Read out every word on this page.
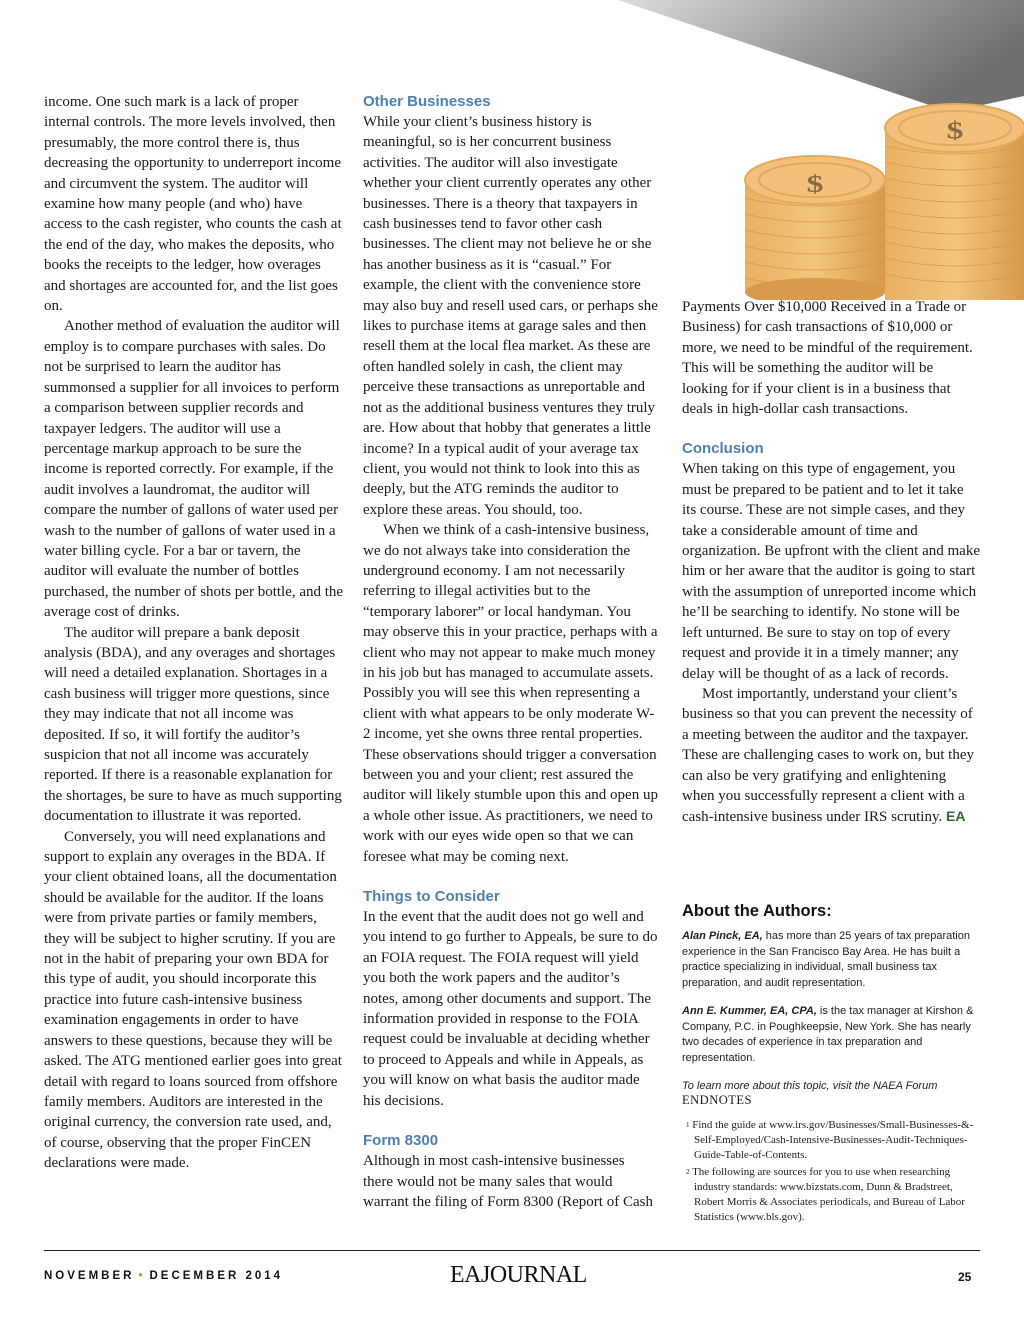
$
$

income. One such mark is a lack of proper internal controls. The more levels involved, then presumably, the more control there is, thus decreasing the opportunity to underreport income and circumvent the system. The auditor will examine how many people (and who) have access to the cash register, who counts the cash at the end of the day, who makes the deposits, who books the receipts to the ledger, how overages and shortages are accounted for, and the list goes on.

Another method of evaluation the auditor will employ is to compare purchases with sales. Do not be surprised to learn the auditor has summonsed a supplier for all invoices to perform a comparison between supplier records and taxpayer ledgers. The auditor will use a percentage markup approach to be sure the income is reported correctly. For example, if the audit involves a laundromat, the auditor will compare the number of gallons of water used per wash to the number of gallons of water used in a water billing cycle. For a bar or tavern, the auditor will evaluate the number of bottles purchased, the number of shots per bottle, and the average cost of drinks.

The auditor will prepare a bank deposit analysis (BDA), and any overages and shortages will need a detailed explanation. Shortages in a cash business will trigger more questions, since they may indicate that not all income was deposited. If so, it will fortify the auditor’s suspicion that not all income was accurately reported. If there is a reasonable explanation for the shortages, be sure to have as much supporting documentation to illustrate it was reported.

Conversely, you will need explanations and support to explain any overages in the BDA. If your client obtained loans, all the documentation should be available for the auditor. If the loans were from private parties or family members, they will be subject to higher scrutiny. If you are not in the habit of preparing your own BDA for this type of audit, you should incorporate this practice into future cash-intensive business examination engagements in order to have answers to these questions, because they will be asked. The ATG mentioned earlier goes into great detail with regard to loans sourced from offshore family members. Auditors are interested in the original currency, the conversion rate used, and, of course, observing that the proper FinCEN declarations were made.

Other Businesses

While your client’s business history is meaningful, so is her concurrent business activities. The auditor will also investigate whether your client currently operates any other businesses. There is a theory that taxpayers in cash businesses tend to favor other cash businesses. The client may not believe he or she has another business as it is “casual.” For example, the client with the convenience store may also buy and resell used cars, or perhaps she likes to purchase items at garage sales and then resell them at the local flea market. As these are often handled solely in cash, the client may perceive these transactions as unreportable and not as the additional business ventures they truly are. How about that hobby that generates a little income? In a typical audit of your average tax client, you would not think to look into this as deeply, but the ATG reminds the auditor to explore these areas. You should, too.

When we think of a cash-intensive business, we do not always take into consideration the underground economy. I am not necessarily referring to illegal activities but to the “temporary laborer” or local handyman. You may observe this in your practice, perhaps with a client who may not appear to make much money in his job but has managed to accumulate assets. Possibly you will see this when representing a client with what appears to be only moderate W-2 income, yet she owns three rental properties. These observations should trigger a conversation between you and your client; rest assured the auditor will likely stumble upon this and open up a whole other issue. As practitioners, we need to work with our eyes wide open so that we can foresee what may be coming next.

Things to Consider

In the event that the audit does not go well and you intend to go further to Appeals, be sure to do an FOIA request. The FOIA request will yield you both the work papers and the auditor’s notes, among other documents and support. The information provided in response to the FOIA request could be invaluable at deciding whether to proceed to Appeals and while in Appeals, as you will know on what basis the auditor made his decisions.

Form 8300

Although in most cash-intensive businesses there would not be many sales that would warrant the filing of Form 8300 (Report of Cash

Payments Over $10,000 Received in a Trade or Business) for cash transactions of $10,000 or more, we need to be mindful of the requirement. This will be something the auditor will be looking for if your client is in a business that deals in high-dollar cash transactions.

Conclusion

When taking on this type of engagement, you must be prepared to be patient and to let it take its course. These are not simple cases, and they take a considerable amount of time and organization. Be upfront with the client and make him or her aware that the auditor is going to start with the assumption of unreported income which he’ll be searching to identify. No stone will be left unturned. Be sure to stay on top of every request and provide it in a timely manner; any delay will be thought of as a lack of records.

Most importantly, understand your client’s business so that you can prevent the necessity of a meeting between the auditor and the taxpayer. These are challenging cases to work on, but they can also be very gratifying and enlightening when you successfully represent a client with a cash-intensive business under IRS scrutiny. EA

About the Authors:

Alan Pinck, EA, has more than 25 years of tax preparation experience in the San Francisco Bay Area. He has built a practice specializing in individual, small business tax preparation, and audit representation.

Ann E. Kummer, EA, CPA, is the tax manager at Kirshon & Company, P.C. in Poughkeepsie, New York. She has nearly two decades of experience in tax preparation and representation.

To learn more about this topic, visit the NAEA Forum

ENDNOTES

$^1$ Find the guide at www.irs.gov/Businesses/Small-Businesses-&-Self-Employed/Cash-Intensive-Businesses-Audit-Techniques-Guide-Table-of-Contents.

$^2$ The following are sources for you to use when researching industry standards: www.bizstats.com, Dunn & Bradstreet, Robert Morris & Associates periodicals, and Bureau of Labor Statistics (www.bls.gov).

NOVEMBER • DECEMBER 2014	EAJOURNAL	25
